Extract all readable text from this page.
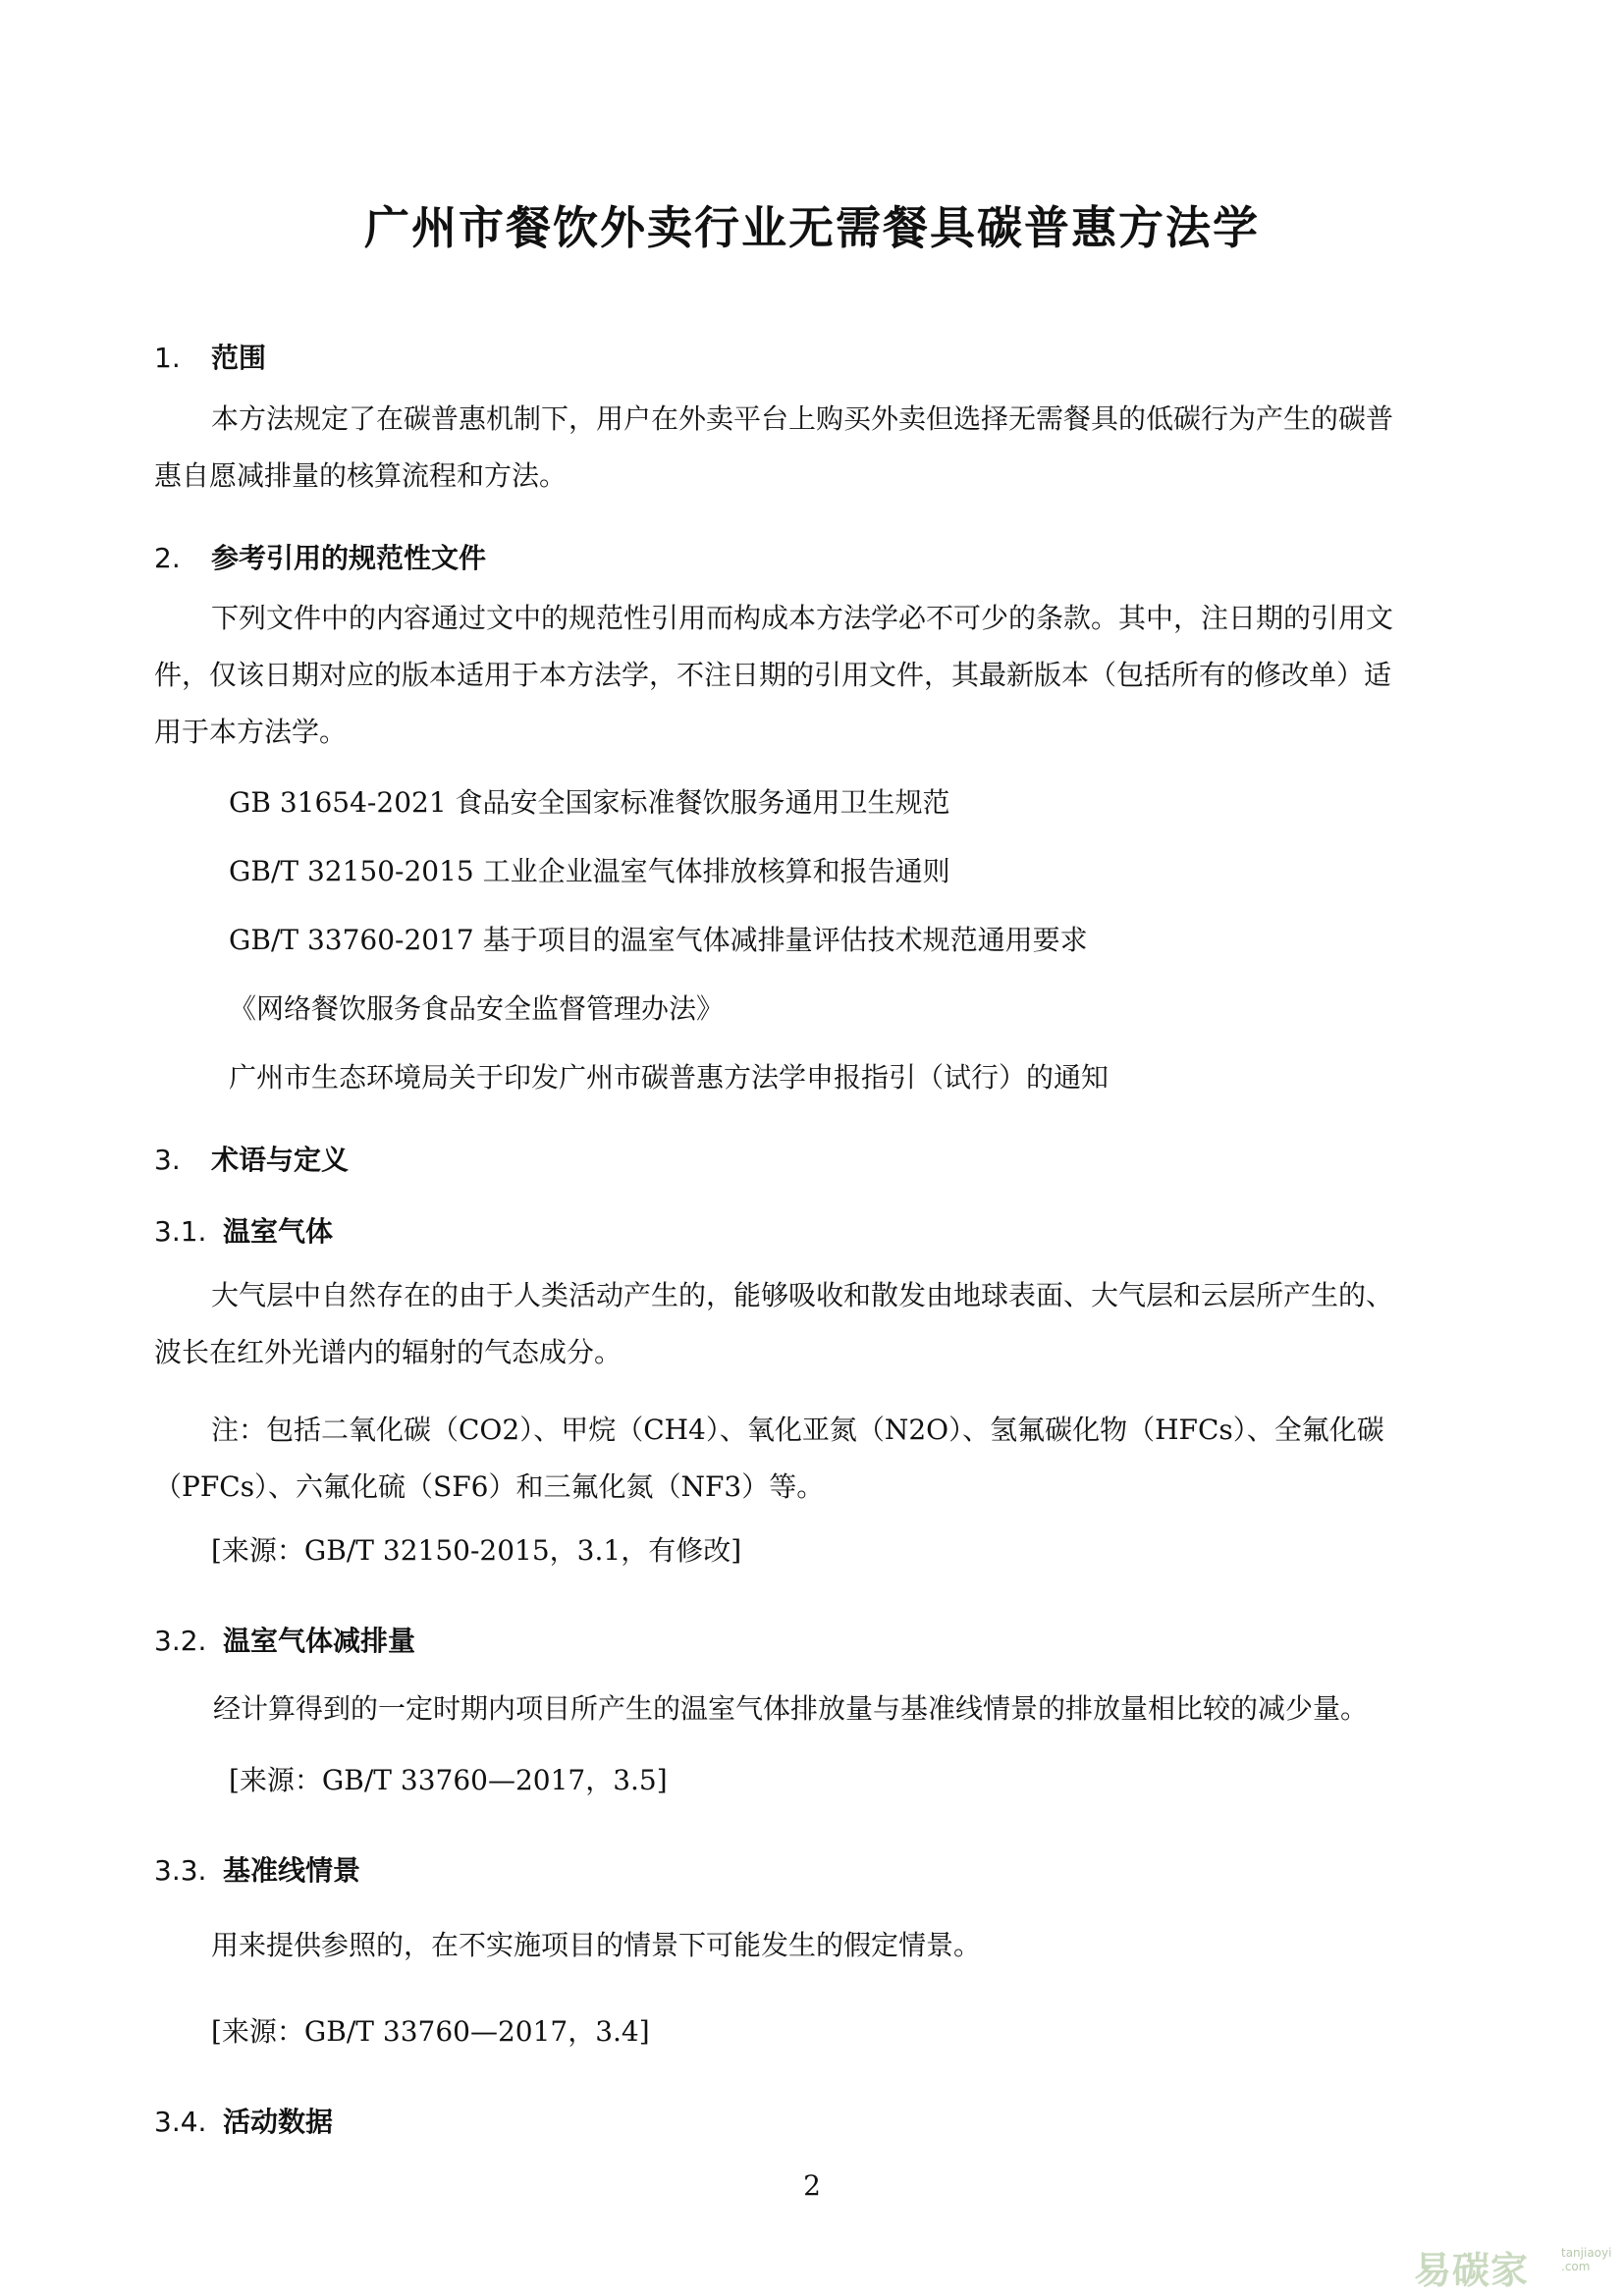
广州市餐饮外卖行业无需餐具碳普惠方法学
1. 范围
本方法规定了在碳普惠机制下，用户在外卖平台上购买外卖但选择无需餐具的低碳行为产生的碳普
惠自愿减排量的核算流程和方法。
2. 参考引用的规范性文件
下列文件中的内容通过文中的规范性引用而构成本方法学必不可少的条款。其中，注日期的引用文
件，仅该日期对应的版本适用于本方法学，不注日期的引用文件，其最新版本（包括所有的修改单）适
用于本方法学。
GB 31654-2021 食品安全国家标准餐饮服务通用卫生规范
GB/T 32150-2015 工业企业温室气体排放核算和报告通则
GB/T 33760-2017 基于项目的温室气体减排量评估技术规范通用要求
《网络餐饮服务食品安全监督管理办法》
广州市生态环境局关于印发广州市碳普惠方法学申报指引（试行）的通知
3. 术语与定义
3.1. 温室气体
大气层中自然存在的由于人类活动产生的，能够吸收和散发由地球表面、大气层和云层所产生的、
波长在红外光谱内的辐射的气态成分。
注：包括二氧化碳（CO2）、甲烷（CH4）、氧化亚氮（N2O）、氢氟碳化物（HFCs）、全氟化碳
（PFCs）、六氟化硫（SF6）和三氟化氮（NF3）等。
[来源：GB/T 32150-2015，3.1，有修改]
3.2. 温室气体减排量
经计算得到的一定时期内项目所产生的温室气体排放量与基准线情景的排放量相比较的减少量。
[来源：GB/T 33760—2017，3.5]
3.3. 基准线情景
用来提供参照的，在不实施项目的情景下可能发生的假定情景。
[来源：GB/T 33760—2017，3.4]
3.4. 活动数据
2
易碳家	tanjiaoyi
.com
